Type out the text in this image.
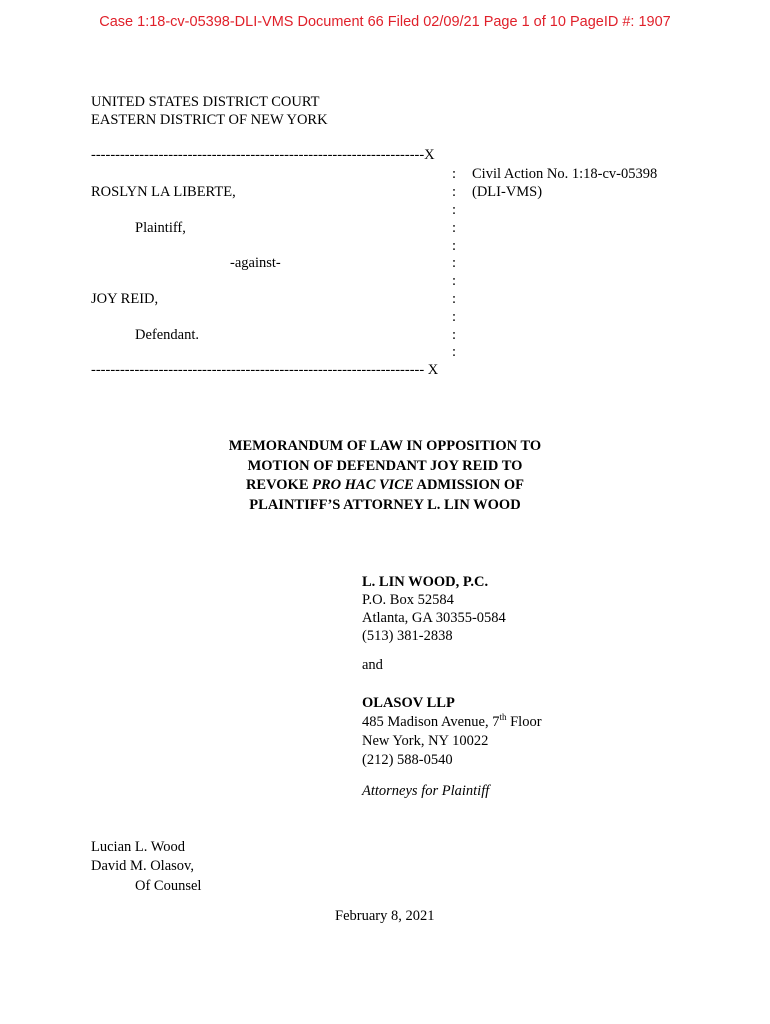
Case 1:18-cv-05398-DLI-VMS Document 66 Filed 02/09/21 Page 1 of 10 PageID #: 1907
UNITED STATES DISTRICT COURT
EASTERN DISTRICT OF NEW YORK
---------------------------------------------------------------------X
: Civil Action No. 1:18-cv-05398
ROSLYN LA LIBERTE,	: (DLI-VMS)
:
Plaintiff,	:
:
-against-	:
:
JOY REID,	:
:
Defendant.	:
:
--------------------------------------------------------------------- X
MEMORANDUM OF LAW IN OPPOSITION TO
MOTION OF DEFENDANT JOY REID TO
REVOKE PRO HAC VICE ADMISSION OF
PLAINTIFF’S ATTORNEY L. LIN WOOD
L. LIN WOOD, P.C.
P.O. Box 52584
Atlanta, GA 30355-0584
(513) 381-2838
and
OLASOV LLP
485 Madison Avenue, 7th Floor
New York, NY 10022
(212) 588-0540
Attorneys for Plaintiff
Lucian L. Wood
David M. Olasov,
Of Counsel
February 8, 2021
